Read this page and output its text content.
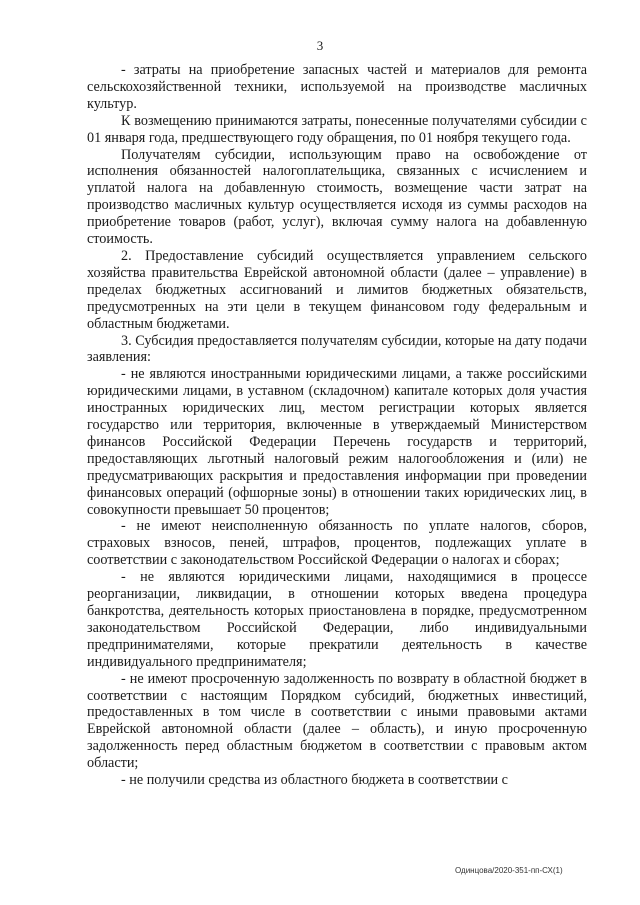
3

- затраты на приобретение запасных частей и материалов для ремонта сельскохозяйственной техники, используемой на производстве масличных культур.

К возмещению принимаются затраты, понесенные получателями субсидии с 01 января года, предшествующего году обращения, по 01 ноября текущего года.

Получателям субсидии, использующим право на освобождение от исполнения обязанностей налогоплательщика, связанных с исчислением и уплатой налога на добавленную стоимость, возмещение части затрат на производство масличных культур осуществляется исходя из суммы расходов на приобретение товаров (работ, услуг), включая сумму налога на добавленную стоимость.

2. Предоставление субсидий осуществляется управлением сельского хозяйства правительства Еврейской автономной области (далее – управление) в пределах бюджетных ассигнований и лимитов бюджетных обязательств, предусмотренных на эти цели в текущем финансовом году федеральным и областным бюджетами.

3. Субсидия предоставляется получателям субсидии, которые на дату подачи заявления:

- не являются иностранными юридическими лицами, а также российскими юридическими лицами, в уставном (складочном) капитале которых доля участия иностранных юридических лиц, местом регистрации которых является государство или территория, включенные в утверждаемый Министерством финансов Российской Федерации Перечень государств и территорий, предоставляющих льготный налоговый режим налогообложения и (или) не предусматривающих раскрытия и предоставления информации при проведении финансовых операций (офшорные зоны) в отношении таких юридических лиц, в совокупности превышает 50 процентов;

- не имеют неисполненную обязанность по уплате налогов, сборов, страховых взносов, пеней, штрафов, процентов, подлежащих уплате в соответствии с законодательством Российской Федерации о налогах и сборах;

- не являются юридическими лицами, находящимися в процессе реорганизации, ликвидации, в отношении которых введена процедура банкротства, деятельность которых приостановлена в порядке, предусмотренном законодательством Российской Федерации, либо индивидуальными предпринимателями, которые прекратили деятельность в качестве индивидуального предпринимателя;

- не имеют просроченную задолженность по возврату в областной бюджет в соответствии с настоящим Порядком субсидий, бюджетных инвестиций, предоставленных в том числе в соответствии с иными правовыми актами Еврейской автономной области (далее – область), и иную просроченную задолженность перед областным бюджетом в соответствии с правовым актом области;

- не получили средства из областного бюджета в соответствии с

Одинцова/2020-351-пп-СХ(1)
